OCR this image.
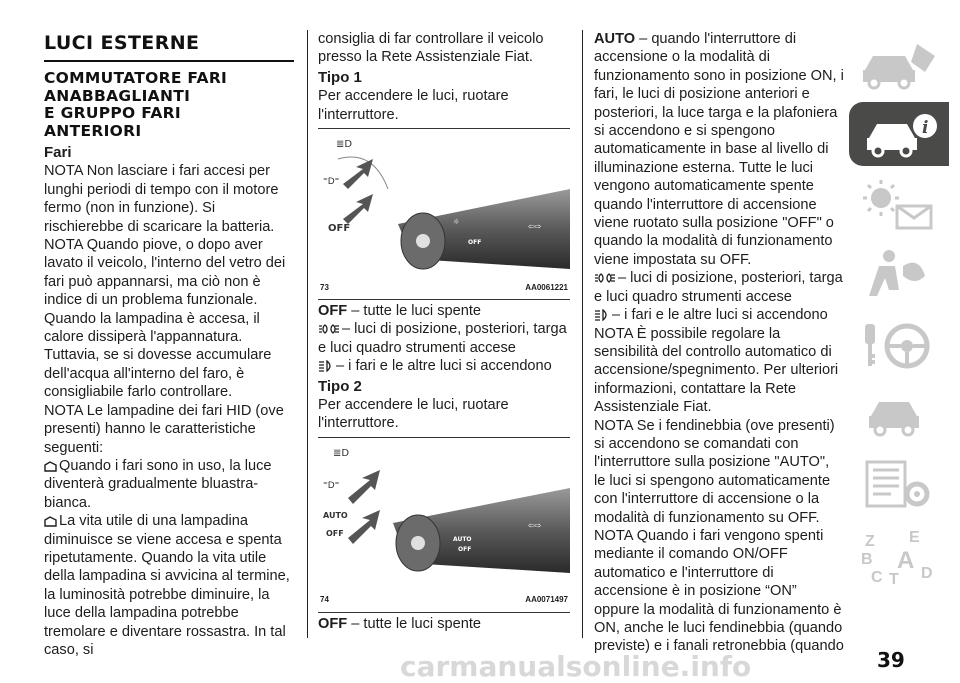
LUCI ESTERNE
COMMUTATORE FARI
ANABBAGLIANTI
E GRUPPO FARI
ANTERIORI
Fari

NOTA Non lasciare i fari accesi per lunghi periodi di tempo con il motore fermo (non in funzione). Si rischierebbe di scaricare la batteria.

NOTA Quando piove, o dopo aver lavato il veicolo, l'interno del vetro dei fari può appannarsi, ma ciò non è indice di un problema funzionale. Quando la lampadina è accesa, il calore dissiperà l'appannatura. Tuttavia, se si dovesse accumulare dell'acqua all'interno del faro, è consigliabile farlo controllare.

NOTA Le lampadine dei fari HID (ove presenti) hanno le caratteristiche seguenti:

Quando i fari sono in uso, la luce diventerà gradualmente bluastra-bianca.

La vita utile di una lampadina diminuisce se viene accesa e spenta ripetutamente. Quando la vita utile della lampadina si avvicina al termine, la luminosità potrebbe diminuire, la luce della lampadina potrebbe tremolare e diventare rossastra. In tal caso, si

consiglia di far controllare il veicolo presso la Rete Assistenziale Fiat.

Tipo 1

Per accendere le luci, ruotare l'interruttore.

☼
OFF
⇦⇨
≣D
⁼D⁼
OFF
73	AA0061221

OFF – tutte le luci spente

– luci di posizione, posteriori, targa e luci quadro strumenti accese

– i fari e le altre luci si accendono

Tipo 2

Per accendere le luci, ruotare l'interruttore.

AUTO
OFF
⇦⇨
≣D
⁼D⁼
AUTO
OFF
74	AA0071497

OFF – tutte le luci spente

AUTO – quando l'interruttore di accensione o la modalità di funzionamento sono in posizione ON, i fari, le luci di posizione anteriori e posteriori, la luce targa e la plafoniera si accendono e si spengono automaticamente in base al livello di illuminazione esterna. Tutte le luci vengono automaticamente spente quando l'interruttore di accensione viene ruotato sulla posizione "OFF" o quando la modalità di funzionamento viene impostata su OFF.

– luci di posizione, posteriori, targa e luci quadro strumenti accese

– i fari e le altre luci si accendono

NOTA È possibile regolare la sensibilità del controllo automatico di accensione/spegnimento. Per ulteriori informazioni, contattare la Rete Assistenziale Fiat.

NOTA Se i fendinebbia (ove presenti) si accendono se comandati con l'interruttore sulla posizione "AUTO", le luci si spengono automaticamente con l'interruttore di accensione o la modalità di funzionamento su OFF.

NOTA Quando i fari vengono spenti mediante il comando ON/OFF automatico e l'interruttore di accensione è in posizione “ON” oppure la modalità di funzionamento è ON, anche le luci fendinebbia (quando previste) e i fanali retronebbia (quando

i
Z E
B A
C T D
carmanualsonline.info	39
